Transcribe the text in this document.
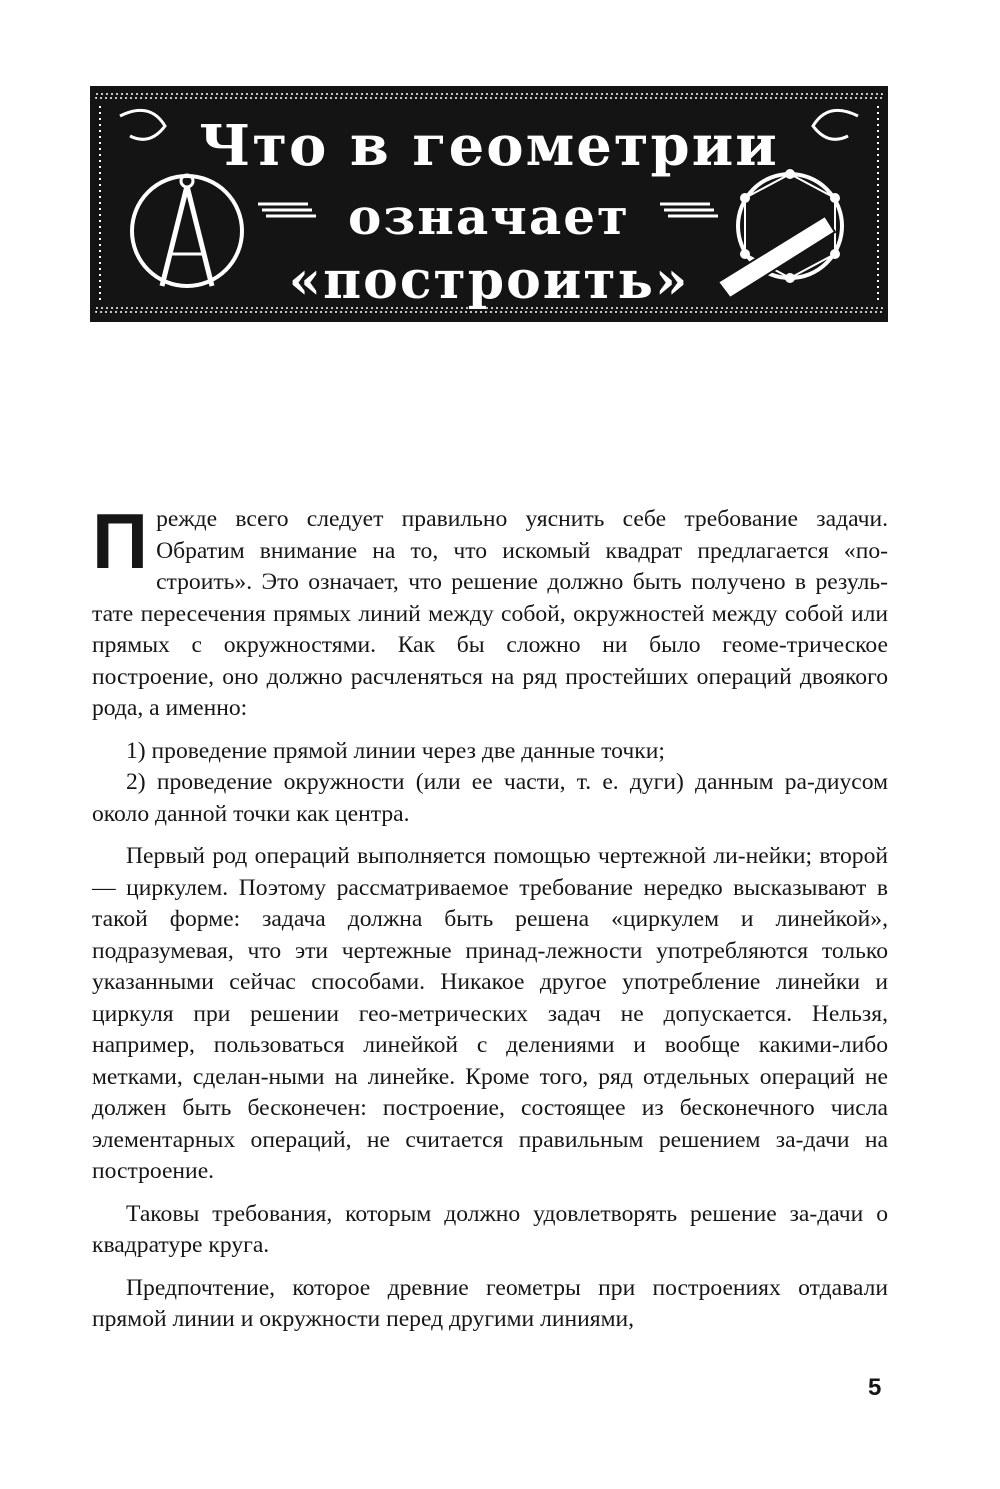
Что в геометрии
означает
«построить»

Прежде всего следует правильно уяснить себе требование задачи. Обратим внимание на то, что искомый квадрат предлагается «по-строить». Это означает, что решение должно быть получено в резуль-тате пересечения прямых линий между собой, окружностей между собой или прямых с окружностями. Как бы сложно ни было геоме-трическое построение, оно должно расчленяться на ряд простейших операций двоякого рода, а именно:

1) проведение прямой линии через две данные точки;

2) проведение окружности (или ее части, т. е. дуги) данным ра-диусом около данной точки как центра.

Первый род операций выполняется помощью чертежной ли-нейки; второй — циркулем. Поэтому рассматриваемое требование нередко высказывают в такой форме: задача должна быть решена «циркулем и линейкой», подразумевая, что эти чертежные принад-лежности употребляются только указанными сейчас способами. Никакое другое употребление линейки и циркуля при решении гео-метрических задач не допускается. Нельзя, например, пользоваться линейкой с делениями и вообще какими-либо метками, сделан-ными на линейке. Кроме того, ряд отдельных операций не должен быть бесконечен: построение, состоящее из бесконечного числа элементарных операций, не считается правильным решением за-дачи на построение.

Таковы требования, которым должно удовлетворять решение за-дачи о квадратуре круга.

Предпочтение, которое древние геометры при построениях отдавали прямой линии и окружности перед другими линиями,

5
